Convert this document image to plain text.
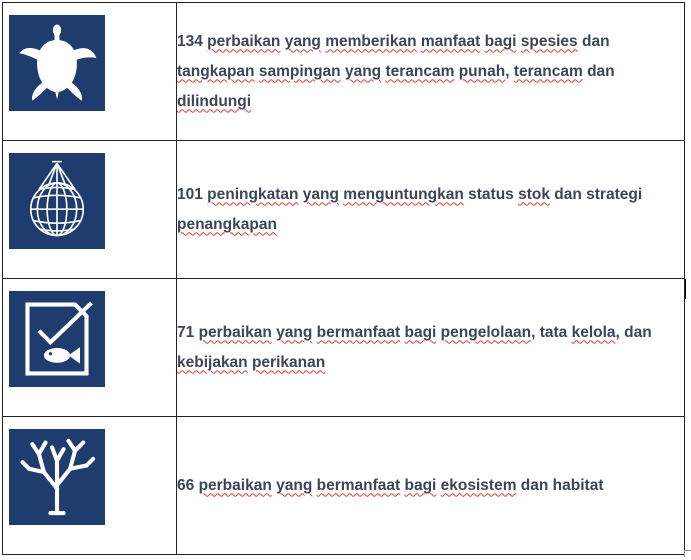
134 perbaikan yang memberikan manfaat bagi spesies dan tangkapan sampingan yang terancam punah, terancam dan dilindungi

101 peningkatan yang menguntungkan status stok dan strategi penangkapan

71 perbaikan yang bermanfaat bagi pengelolaan, tata kelola, dan kebijakan perikanan

66 perbaikan yang bermanfaat bagi ekosistem dan habitat
